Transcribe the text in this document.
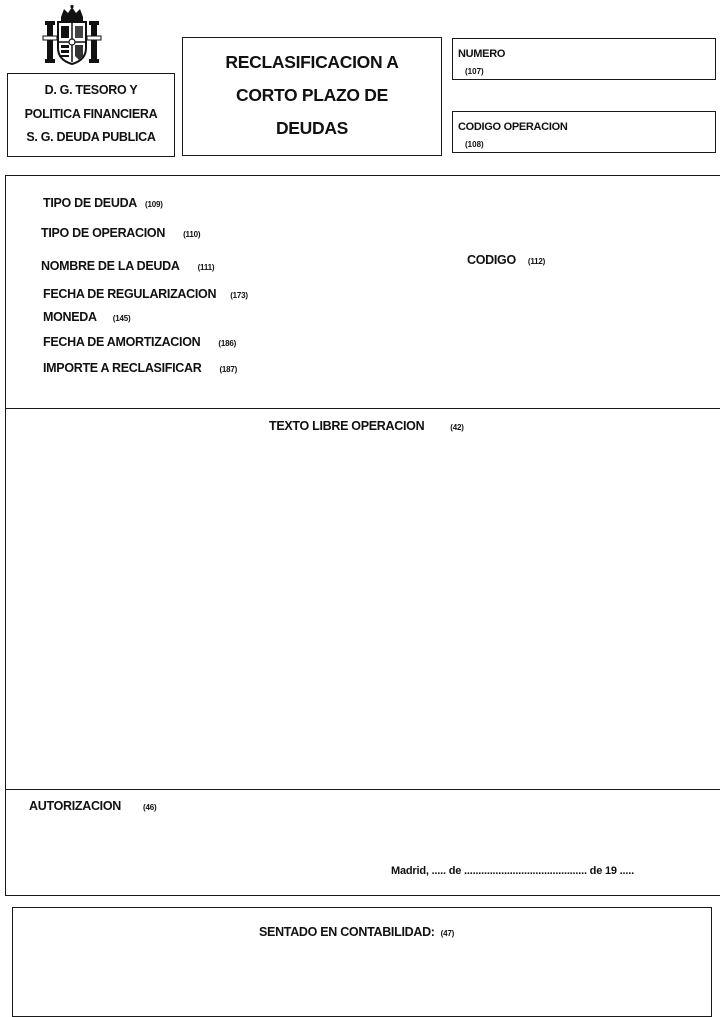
D. G. TESORO Y
POLITICA FINANCIERA
S. G. DEUDA PUBLICA
RECLASIFICACION A
CORTO PLAZO DE
DEUDAS
NUMERO
(107)
CODIGO OPERACION
(108)
TIPO DE DEUDA (109)
TIPO DE OPERACION (110)
NOMBRE DE LA DEUDA (111)
FECHA DE REGULARIZACION (173)
MONEDA (145)
FECHA DE AMORTIZACION (186)
IMPORTE A RECLASIFICAR (187)
CODIGO (112)
TEXTO LIBRE OPERACION	(42)
AUTORIZACION	(46)
Madrid, ..... de ........................................... de 19 .....
SENTADO EN CONTABILIDAD: (47)
